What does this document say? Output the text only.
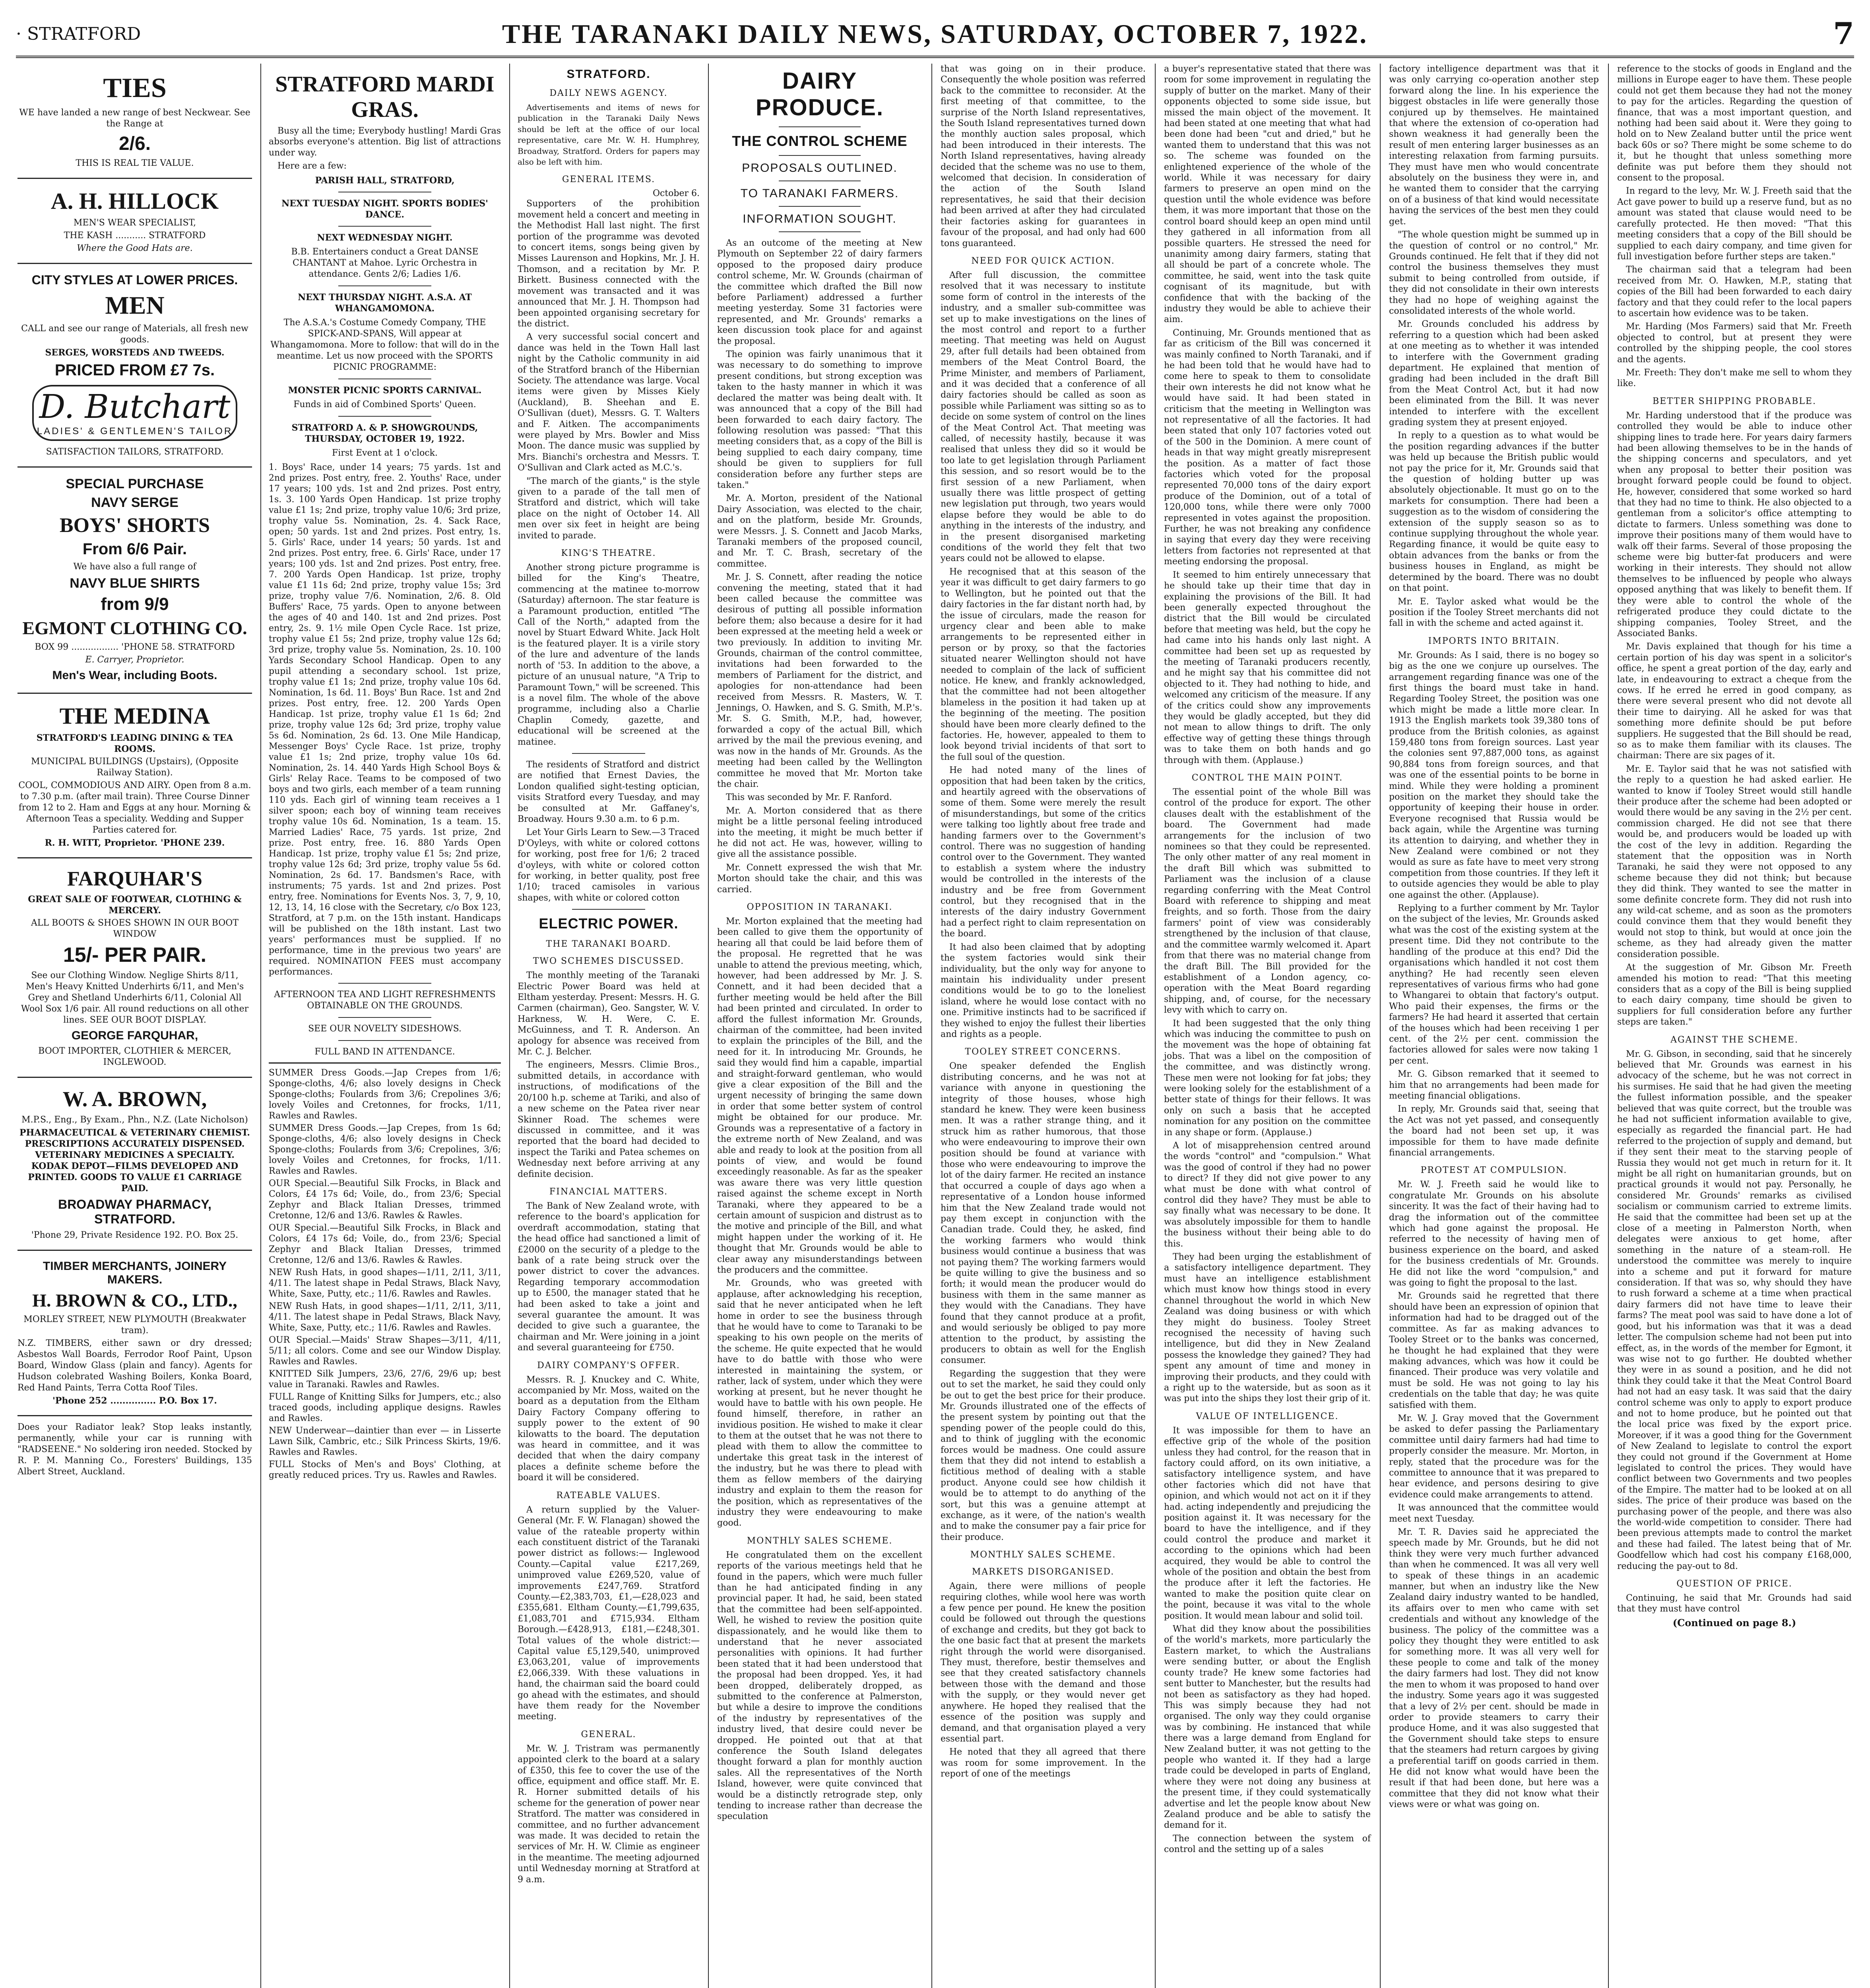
· STRATFORD	THE TARANAKI DAILY NEWS, SATURDAY, OCTOBER 7, 1922.	7
TIES
WE have landed a new range of best Neckwear. See the Range at
2/6.
THIS IS REAL TIE VALUE.
A. H. HILLOCK
MEN'S WEAR SPECIALIST,
THE KASH ........... STRATFORD
Where the Good Hats are.
CITY STYLES AT LOWER PRICES.
MEN
CALL and see our range of Materials, all fresh new goods.
SERGES, WORSTEDS AND TWEEDS.
PRICED FROM £7 7s.
D. Butchart
LADIES' & GENTLEMEN'S TAILOR
SATISFACTION TAILORS, STRATFORD.
SPECIAL PURCHASE
NAVY SERGE
BOYS' SHORTS
From 6/6 Pair.
We have also a full range of
NAVY BLUE SHIRTS
from 9/9
EGMONT CLOTHING CO.
BOX 99 ................. 'PHONE 58. STRATFORD
E. Carryer, Proprietor.
Men's Wear, including Boots.
THE MEDINA
STRATFORD'S LEADING DINING & TEA ROOMS.
MUNICIPAL BUILDINGS (Upstairs), (Opposite Railway Station).
COOL, COMMODIOUS AND AIRY. Open from 8 a.m. to 7.30 p.m. (after mail train). Three Course Dinner from 12 to 2. Ham and Eggs at any hour. Morning & Afternoon Teas a speciality. Wedding and Supper Parties catered for.
R. H. WITT, Proprietor. 'PHONE 239.
FARQUHAR'S
GREAT SALE OF FOOTWEAR, CLOTHING & MERCERY.
ALL BOOTS & SHOES SHOWN IN OUR BOOT WINDOW
15/- PER PAIR.
See our Clothing Window. Neglige Shirts 8/11, Men's Heavy Knitted Underhirts 6/11, and Men's Grey and Shetland Underhirts 6/11, Colonial All Wool Sox 1/6 pair. All round reductions on all other lines. SEE OUR BOOT DISPLAY.
GEORGE FARQUHAR,
BOOT IMPORTER, CLOTHIER & MERCER, INGLEWOOD.
W. A. BROWN,
M.P.S., Eng., By Exam., Phn., N.Z. (Late Nicholson)
PHARMACEUTICAL & VETERINARY CHEMIST. PRESCRIPTIONS ACCURATELY DISPENSED. VETERINARY MEDICINES A SPECIALTY. KODAK DEPOT—FILMS DEVELOPED AND PRINTED. GOODS TO VALUE £1 CARRIAGE PAID.
BROADWAY PHARMACY, STRATFORD.
'Phone 29, Private Residence 192. P.O. Box 25.
TIMBER MERCHANTS, JOINERY MAKERS.
H. BROWN & CO., LTD.,
MORLEY STREET, NEW PLYMOUTH (Breakwater tram).
N.Z. TIMBERS, either sawn or dry dressed; Asbestos Wall Boards, Ferrodor Roof Paint, Upson Board, Window Glass (plain and fancy). Agents for Hudson colebrated Washing Boilers, Konka Board, Red Hand Paints, Terra Cotta Roof Tiles.
'Phone 252 ............... P.O. Box 17.
Does your Radiator leak? Stop leaks instantly, permanently, while your car is running with "RADSEENE." No soldering iron needed. Stocked by R. P. M. Manning Co., Foresters' Buildings, 135 Albert Street, Auckland.
STRATFORD MARDI GRAS.

Busy all the time; Everybody hustling! Mardi Gras absorbs everyone's attention. Big list of attractions under way.

Here are a few:

PARISH HALL, STRATFORD,
NEXT TUESDAY NIGHT. SPORTS BODIES' DANCE.
NEXT WEDNESDAY NIGHT.
B.B. Entertainers conduct a Great DANSE CHANTANT at Mahoe. Lyric Orchestra in attendance. Gents 2/6; Ladies 1/6.
NEXT THURSDAY NIGHT. A.S.A. AT WHANGAMOMONA.
The A.S.A.'s Costume Comedy Company, THE SPICK-AND-SPANS, Will appear at Whangamomona. More to follow: that will do in the meantime. Let us now proceed with the SPORTS PICNIC PROGRAMME:
MONSTER PICNIC SPORTS CARNIVAL.
Funds in aid of Combined Sports' Queen.
STRATFORD A. & P. SHOWGROUNDS, THURSDAY, OCTOBER 19, 1922.
First Event at 1 o'clock.

1. Boys' Race, under 14 years; 75 yards. 1st and 2nd prizes. Post entry, free. 2. Youths' Race, under 17 years; 100 yds. 1st and 2nd prizes. Post entry, 1s. 3. 100 Yards Open Handicap. 1st prize trophy value £1 1s; 2nd prize, trophy value 10/6; 3rd prize, trophy value 5s. Nomination, 2s. 4. Sack Race, open; 50 yards. 1st and 2nd prizes. Post entry, 1s. 5. Girls' Race, under 14 years; 50 yards. 1st and 2nd prizes. Post entry, free. 6. Girls' Race, under 17 years; 100 yds. 1st and 2nd prizes. Post entry, free. 7. 200 Yards Open Handicap. 1st prize, trophy value £1 11s 6d; 2nd prize, trophy value 15s; 3rd prize, trophy value 7/6. Nomination, 2/6. 8. Old Buffers' Race, 75 yards. Open to anyone between the ages of 40 and 140. 1st and 2nd prizes. Post entry, 2s. 9. 1½ mile Open Cycle Race. 1st prize, trophy value £1 5s; 2nd prize, trophy value 12s 6d; 3rd prize, trophy value 5s. Nomination, 2s. 10. 100 Yards Secondary School Handicap. Open to any pupil attending a secondary school. 1st prize, trophy value £1 1s; 2nd prize, trophy value 10s 6d. Nomination, 1s 6d. 11. Boys' Bun Race. 1st and 2nd prizes. Post entry, free. 12. 200 Yards Open Handicap. 1st prize, trophy value £1 1s 6d; 2nd prize, trophy value 12s 6d; 3rd prize, trophy value 5s 6d. Nomination, 2s 6d. 13. One Mile Handicap, Messenger Boys' Cycle Race. 1st prize, trophy value £1 1s; 2nd prize, trophy value 10s 6d. Nomination, 2s. 14. 440 Yards High School Boys & Girls' Relay Race. Teams to be composed of two boys and two girls, each member of a team running 110 yds. Each girl of winning team receives a 1 silver spoon; each boy of winning team receives trophy value 10s 6d. Nomination, 1s a team. 15. Married Ladies' Race, 75 yards. 1st prize, 2nd prize. Post entry, free. 16. 880 Yards Open Handicap. 1st prize, trophy value £1 5s; 2nd prize, trophy value 12s 6d; 3rd prize, trophy value 5s 6d. Nomination, 2s 6d. 17. Bandsmen's Race, with instruments; 75 yards. 1st and 2nd prizes. Post entry, free. Nominations for Events Nos. 3, 7, 9, 10, 12, 13, 14, 16 close with the Secretary, c/o Box 123, Stratford, at 7 p.m. on the 15th instant. Handicaps will be published on the 18th instant. Last two years' performances must be supplied. If no performance, time in the previous two years' are required. NOMINATION FEES must accompany performances.

AFTERNOON TEA AND LIGHT REFRESHMENTS OBTAINABLE ON THE GROUNDS.
SEE OUR NOVELTY SIDESHOWS.
FULL BAND IN ATTENDANCE.

SUMMER Dress Goods.—Jap Crepes from 1/6; Sponge-cloths, 4/6; also lovely designs in Check Sponge-cloths; Foulards from 3/6; Crepolines 3/6; lovely Voiles and Cretonnes, for frocks, 1/11, Rawles and Rawles.

SUMMER Dress Goods.—Jap Crepes, from 1s 6d; Sponge-cloths, 4/6; also lovely designs in Check Sponge-cloths; Foulards from 3/6; Crepolines, 3/6; lovely Voiles and Cretonnes, for frocks, 1/11. Rawles and Rawles.

OUR Special.—Beautiful Silk Frocks, in Black and Colors, £4 17s 6d; Voile, do., from 23/6; Special Zephyr and Black Italian Dresses, trimmed Cretonne, 12/6 and 13/6. Rawles & Rawles.

OUR Special.—Beautiful Silk Frocks, in Black and Colors, £4 17s 6d; Voile, do., from 23/6; Special Zephyr and Black Italian Dresses, trimmed Cretonne, 12/6 and 13/6. Rawles & Rawles.

NEW Rush Hats, in good shapes—1/11, 2/11, 3/11, 4/11. The latest shape in Pedal Straws, Black Navy, White, Saxe, Putty, etc.; 11/6. Rawles and Rawles.

NEW Rush Hats, in good shapes—1/11, 2/11, 3/11, 4/11. The latest shape in Pedal Straws, Black Navy, White, Saxe, Putty, etc.; 11/6. Rawles and Rawles.

OUR Special.—Maids' Straw Shapes—3/11, 4/11, 5/11; all colors. Come and see our Window Display. Rawles and Rawles.

KNITTED Silk Jumpers, 23/6, 27/6, 29/6 up; best value in Taranaki. Rawles and Rawles.

FULL Range of Knitting Silks for Jumpers, etc.; also traced goods, including applique designs. Rawles and Rawles.

NEW Underwear—daintier than ever — in Lisserte Lawn Silk, Cambric, etc.; Silk Princess Skirts, 19/6. Rawles and Rawles.

FULL Stocks of Men's and Boys' Clothing, at greatly reduced prices. Try us. Rawles and Rawles.

STRATFORD.
DAILY NEWS AGENCY.

Advertisements and items of news for publication in the Taranaki Daily News should be left at the office of our local representative, care Mr. W. H. Humphrey, Broadway, Stratford. Orders for papers may also be left with him.

GENERAL ITEMS.
October 6.

Supporters of the prohibition movement held a concert and meeting in the Methodist Hall last night. The first portion of the programme was devoted to concert items, songs being given by Misses Laurenson and Hopkins, Mr. J. H. Thomson, and a recitation by Mr. P. Birkett. Business connected with the movement was transacted and it was announced that Mr. J. H. Thompson had been appointed organising secretary for the district.

A very successful social concert and dance was held in the Town Hall last night by the Catholic community in aid of the Stratford branch of the Hibernian Society. The attendance was large. Vocal items were given by Misses Kiely (Auckland), B. Sheehan and E. O'Sullivan (duet), Messrs. G. T. Walters and F. Aitken. The accompaniments were played by Mrs. Bowler and Miss Moon. The dance music was supplied by Mrs. Bianchi's orchestra and Messrs. T. O'Sullivan and Clark acted as M.C.'s.

"The march of the giants," is the style given to a parade of the tall men of Stratford and district, which will take place on the night of October 14. All men over six feet in height are being invited to parade.

KING'S THEATRE.

Another strong picture programme is billed for the King's Theatre, commencing at the matinee to-morrow (Saturday) afternoon. The star feature is a Paramount production, entitled "The Call of the North," adapted from the novel by Stuart Edward White. Jack Holt is the featured player. It is a virile story of the lure and adventure of the lands north of '53. In addition to the above, a picture of an unusual nature, "A Trip to Paramount Town," will be screened. This is a novel film. The whole of the above programme, including also a Charlie Chaplin Comedy, gazette, and educational will be screened at the matinee.

The residents of Stratford and district are notified that Ernest Davies, the London qualified sight-testing optician, visits Stratford every Tuesday, and may be consulted at Mr. Gaffaney's, Broadway. Hours 9.30 a.m. to 6 p.m.

Let Your Girls Learn to Sew.—3 Traced D'Oyleys, with white or colored cottons for working, post free for 1/6; 2 traced d'oyleys, with white or colored cotton for working, in better quality, post free 1/10; traced camisoles in various shapes, with white or colored cotton

ELECTRIC POWER.
THE TARANAKI BOARD.
TWO SCHEMES DISCUSSED.

The monthly meeting of the Taranaki Electric Power Board was held at Eltham yesterday. Present: Messrs. H. G. Carmen (chairman), Geo. Sangster, W. V. Harkness, W. H. Were, C. E. McGuinness, and T. R. Anderson. An apology for absence was received from Mr. C. J. Belcher.

The engineers, Messrs. Climie Bros., submitted details, in accordance with instructions, of modifications of the 20/100 h.p. scheme at Tariki, and also of a new scheme on the Patea river near Skinner Road. The schemes were discussed in committee, and it was reported that the board had decided to inspect the Tariki and Patea schemes on Wednesday next before arriving at any definite decision.

FINANCIAL MATTERS.

The Bank of New Zealand wrote, with reference to the board's application for overdraft accommodation, stating that the head office had sanctioned a limit of £2000 on the security of a pledge to the bank of a rate being struck over the power district to cover the advances. Regarding temporary accommodation up to £500, the manager stated that he had been asked to take a joint and several guarantee the amount. It was decided to give such a guarantee, the chairman and Mr. Were joining in a joint and several guaranteeing for £750.

DAIRY COMPANY'S OFFER.

Messrs. R. J. Knuckey and C. White, accompanied by Mr. Moss, waited on the board as a deputation from the Eltham Dairy Factory Company offering to supply power to the extent of 90 kilowatts to the board. The deputation was heard in committee, and it was decided that when the dairy company places a definite scheme before the board it will be considered.

RATEABLE VALUES.

A return supplied by the Valuer-General (Mr. F. W. Flanagan) showed the value of the rateable property within each constituent district of the Taranaki power district as follows:— Inglewood County.—Capital value £217,269, unimproved value £269,520, value of improvements £247,769. Stratford County.—£2,383,703, £1,—£28,023 and £355,681. Eltham County.—£1,799,635, £1,083,701 and £715,934. Eltham Borough.—£428,913, £181,—£248,301. Total values of the whole district:— Capital value £5,129,540, unimproved £3,063,201, value of improvements £2,066,339. With these valuations in hand, the chairman said the board could go ahead with the estimates, and should have them ready for the November meeting.

GENERAL.

Mr. W. J. Tristram was permanently appointed clerk to the board at a salary of £350, this fee to cover the use of the office, equipment and office staff. Mr. E. R. Horner submitted details of his scheme for the generation of power near Stratford. The matter was considered in committee, and no further advancement was made. It was decided to retain the services of Mr. H. W. Climie as engineer in the meantime. The meeting adjourned until Wednesday morning at Stratford at 9 a.m.

DAIRY PRODUCE.
THE CONTROL SCHEME
PROPOSALS OUTLINED.
TO TARANAKI FARMERS.
INFORMATION SOUGHT.

As an outcome of the meeting at New Plymouth on September 22 of dairy farmers opposed to the proposed dairy produce control scheme, Mr. W. Grounds (chairman of the committee which drafted the Bill now before Parliament) addressed a further meeting yesterday. Some 31 factories were represented, and Mr. Grounds' remarks a keen discussion took place for and against the proposal.

The opinion was fairly unanimous that it was necessary to do something to improve present conditions, but strong exception was taken to the hasty manner in which it was declared the matter was being dealt with. It was announced that a copy of the Bill had been forwarded to each dairy factory. The following resolution was passed: "That this meeting considers that, as a copy of the Bill is being supplied to each dairy company, time should be given to suppliers for full consideration before any further steps are taken."

Mr. A. Morton, president of the National Dairy Association, was elected to the chair, and on the platform, beside Mr. Grounds, were Messrs. J. S. Connett and Jacob Marks, Taranaki members of the proposed council, and Mr. T. C. Brash, secretary of the committee.

Mr. J. S. Connett, after reading the notice convening the meeting, stated that it had been called because the committee was desirous of putting all possible information before them; also because a desire for it had been expressed at the meeting held a week or two previously. In addition to inviting Mr. Grounds, chairman of the control committee, invitations had been forwarded to the members of Parliament for the district, and apologies for non-attendance had been received from Messrs. R. Masters, W. T. Jennings, O. Hawken, and S. G. Smith, M.P.'s. Mr. S. G. Smith, M.P., had, however, forwarded a copy of the actual Bill, which arrived by the mail the previous evening, and was now in the hands of Mr. Grounds. As the meeting had been called by the Wellington committee he moved that Mr. Morton take the chair.

This was seconded by Mr. F. Ranford.

Mr. A. Morton considered that as there might be a little personal feeling introduced into the meeting, it might be much better if he did not act. He was, however, willing to give all the assistance possible.

Mr. Connett expressed the wish that Mr. Morton should take the chair, and this was carried.

OPPOSITION IN TARANAKI.

Mr. Morton explained that the meeting had been called to give them the opportunity of hearing all that could be laid before them of the proposal. He regretted that he was unable to attend the previous meeting, which, however, had been addressed by Mr. J. S. Connett, and it had been decided that a further meeting would be held after the Bill had been printed and circulated. In order to afford the fullest information Mr. Grounds, chairman of the committee, had been invited to explain the principles of the Bill, and the need for it. In introducing Mr. Grounds, he said they would find him a capable, impartial and straight-forward gentleman, who would give a clear exposition of the Bill and the urgent necessity of bringing the same down in order that some better system of control might be obtained for our produce. Mr. Grounds was a representative of a factory in the extreme north of New Zealand, and was able and ready to look at the position from all points of view, and would be found exceedingly reasonable. As far as the speaker was aware there was very little question raised against the scheme except in North Taranaki, where they appeared to be a certain amount of suspicion and distrust as to the motive and principle of the Bill, and what might happen under the working of it. He thought that Mr. Grounds would be able to clear away any misunderstandings between the producers and the committee.

Mr. Grounds, who was greeted with applause, after acknowledging his reception, said that he never anticipated when he left home in order to see the business through that he would have to come to Taranaki to be speaking to his own people on the merits of the scheme. He quite expected that he would have to do battle with those who were interested in maintaining the system, or rather, lack of system, under which they were working at present, but he never thought he would have to battle with his own people. He found himself, therefore, in rather an invidious position. He wished to make it clear to them at the outset that he was not there to plead with them to allow the committee to undertake this great task in the interest of the industry, but he was there to plead with them as fellow members of the dairying industry and explain to them the reason for the position, which as representatives of the industry they were endeavouring to make good.

MONTHLY SALES SCHEME.

He congratulated them on the excellent reports of the various meetings held that he found in the papers, which were much fuller than he had anticipated finding in any provincial paper. It had, he said, been stated that the committee had been self-appointed. Well, he wished to review the position quite dispassionately, and he would like them to understand that he never associated personalities with opinions. It had further been stated that it had been understood that the proposal had been dropped. Yes, it had been dropped, deliberately dropped, as submitted to the conference at Palmerston, but while a desire to improve the conditions of the industry by representatives of the industry lived, that desire could never be dropped. He pointed out that at that conference the South Island delegates thought forward a plan for monthly auction sales. All the representatives of the North Island, however, were quite convinced that would be a distinctly retrograde step, only tending to increase rather than decrease the speculation

that was going on in their produce. Consequently the whole position was referred back to the committee to reconsider. At the first meeting of that committee, to the surprise of the North Island representatives, the South Island representatives turned down the monthly auction sales proposal, which had been introduced in their interests. The North Island representatives, having already decided that the scheme was no use to them, welcomed that decision. In consideration of the action of the South Island representatives, he said that their decision had been arrived at after they had circulated their factories asking for guarantees in favour of the proposal, and had only had 600 tons guaranteed.

NEED FOR QUICK ACTION.

After full discussion, the committee resolved that it was necessary to institute some form of control in the interests of the industry, and a smaller sub-committee was set up to make investigations on the lines of the most control and report to a further meeting. That meeting was held on August 29, after full details had been obtained from members of the Meat Control Board, the Prime Minister, and members of Parliament, and it was decided that a conference of all dairy factories should be called as soon as possible while Parliament was sitting so as to decide on some system of control on the lines of the Meat Control Act. That meeting was called, of necessity hastily, because it was realised that unless they did so it would be too late to get legislation through Parliament this session, and so resort would be to the first session of a new Parliament, when usually there was little prospect of getting new legislation put through, two years would elapse before they would be able to do anything in the interests of the industry, and in the present disorganised marketing conditions of the world they felt that two years could not be allowed to elapse.

He recognised that at this season of the year it was difficult to get dairy farmers to go to Wellington, but he pointed out that the dairy factories in the far distant north had, by the issue of circulars, made the reason for urgency clear and been able to make arrangements to be represented either in person or by proxy, so that the factories situated nearer Wellington should not have needed to complain of the lack of sufficient notice. He knew, and frankly acknowledged, that the committee had not been altogether blameless in the position it had taken up at the beginning of the meeting. The position should have been more clearly defined to the factories. He, however, appealed to them to look beyond trivial incidents of that sort to the full soul of the question.

He had noted many of the lines of opposition that had been taken by the critics, and heartily agreed with the observations of some of them. Some were merely the result of misunderstandings, but some of the critics were talking too lightly about free trade and handing farmers over to the Government's control. There was no suggestion of handing control over to the Government. They wanted to establish a system where the industry would be controlled in the interests of the industry and be free from Government control, but they recognised that in the interests of the dairy industry Government had a perfect right to claim representation on the board.

It had also been claimed that by adopting the system factories would sink their individuality, but the only way for anyone to maintain his individuality under present conditions would be to go to the loneliest island, where he would lose contact with no one. Primitive instincts had to be sacrificed if they wished to enjoy the fullest their liberties and rights as a people.

TOOLEY STREET CONCERNS.

One speaker defended the English distributing concerns, and he was not at variance with anyone in questioning the integrity of those houses, whose high standard he knew. They were keen business men. It was a rather strange thing, and it struck him as rather humorous, that those who were endeavouring to improve their own position should be found at variance with those who were endeavouring to improve the lot of the dairy farmer. He recited an instance that occurred a couple of days ago when a representative of a London house informed him that the New Zealand trade would not pay them except in conjunction with the Canadian trade. Could they, he asked, find the working farmers who would think business would continue a business that was not paying them? The working farmers would be quite willing to give the business and so forth; it would mean the producer would do business with them in the same manner as they would with the Canadians. They have found that they cannot produce at a profit, and would seriously be obliged to pay more attention to the product, by assisting the producers to obtain as well for the English consumer.

Regarding the suggestion that they were out to set the market, he said they could only be out to get the best price for their produce. Mr. Grounds illustrated one of the effects of the present system by pointing out that the spending power of the people could do this, and to think of juggling with the economic forces would be madness. One could assure them that they did not intend to establish a fictitious method of dealing with a stable product. Anyone could see how childish it would be to attempt to do anything of the sort, but this was a genuine attempt at exchange, as it were, of the nation's wealth and to make the consumer pay a fair price for their produce.

MONTHLY SALES SCHEME.
MARKETS DISORGANISED.

Again, there were millions of people requiring clothes, while wool here was worth a few pence per pound. He knew the position could be followed out through the questions of exchange and credits, but they got back to the one basic fact that at present the markets right through the world were disorganised. They must, therefore, bestir themselves and see that they created satisfactory channels between those with the demand and those with the supply, or they would never get anywhere. He hoped they realised that the essence of the position was supply and demand, and that organisation played a very essential part.

He noted that they all agreed that there was room for some improvement. In the report of one of the meetings

a buyer's representative stated that there was room for some improvement in regulating the supply of butter on the market. Many of their opponents objected to some side issue, but missed the main object of the movement. It had been stated at one meeting that what had been done had been "cut and dried," but he wanted them to understand that this was not so. The scheme was founded on the enlightened experience of the whole of the world. While it was necessary for dairy farmers to preserve an open mind on the question until the whole evidence was before them, it was more important that those on the control board should keep an open mind until they gathered in all information from all possible quarters. He stressed the need for unanimity among dairy farmers, stating that all should be part of a concrete whole. The committee, he said, went into the task quite cognisant of its magnitude, but with confidence that with the backing of the industry they would be able to achieve their aim.

Continuing, Mr. Grounds mentioned that as far as criticism of the Bill was concerned it was mainly confined to North Taranaki, and if he had been told that he would have had to come here to speak to them to consolidate their own interests he did not know what he would have said. It had been stated in criticism that the meeting in Wellington was not representative of all the factories. It had been stated that only 107 factories voted out of the 500 in the Dominion. A mere count of heads in that way might greatly misrepresent the position. As a matter of fact those factories which voted for the proposal represented 70,000 tons of the dairy export produce of the Dominion, out of a total of 120,000 tons, while there were only 7000 represented in votes against the proposition. Further, he was not breaking any confidence in saying that every day they were receiving letters from factories not represented at that meeting endorsing the proposal.

It seemed to him entirely unnecessary that he should take up their time that day in explaining the provisions of the Bill. It had been generally expected throughout the district that the Bill would be circulated before that meeting was held, but the copy he had came into his hands only last night. A committee had been set up as requested by the meeting of Taranaki producers recently, and he might say that his committee did not objected to it. They had nothing to hide, and welcomed any criticism of the measure. If any of the critics could show any improvements they would be gladly accepted, but they did not mean to allow things to drift. The only effective way of getting these things through was to take them on both hands and go through with them. (Applause.)

CONTROL THE MAIN POINT.

The essential point of the whole Bill was control of the produce for export. The other clauses dealt with the establishment of the board. The Government had made arrangements for the inclusion of two nominees so that they could be represented. The only other matter of any real moment in the draft Bill which was submitted to Parliament was the inclusion of a clause regarding conferring with the Meat Control Board with reference to shipping and meat freights, and so forth. Those from the dairy farmers' point of view was considerably strengthened by the inclusion of that clause, and the committee warmly welcomed it. Apart from that there was no material change from the draft Bill. The Bill provided for the establishment of a London agency, co-operation with the Meat Board regarding shipping, and, of course, for the necessary levy with which to carry on.

It had been suggested that the only thing which was inducing the committee to push on the movement was the hope of obtaining fat jobs. That was a libel on the composition of the committee, and was distinctly wrong. These men were not looking for fat jobs; they were looking solely for the establishment of a better state of things for their fellows. It was only on such a basis that he accepted nomination for any position on the committee in any shape or form. (Applause.)

A lot of misapprehension centred around the words "control" and "compulsion." What was the good of control if they had no power to direct? If they did not give power to any what must be done with what control of control did they have? They must be able to say finally what was necessary to be done. It was absolutely impossible for them to handle the business without their being able to do this.

They had been urging the establishment of a satisfactory intelligence department. They must have an intelligence establishment which must know how things stood in every channel throughout the world in which New Zealand was doing business or with which they might do business. Tooley Street recognised the necessity of having such intelligence, but did they in New Zealand possess the knowledge they gained? They had spent any amount of time and money in improving their products, and they could with a right up to the waterside, but as soon as it was put into the ships they lost their grip of it.

VALUE OF INTELLIGENCE.

It was impossible for them to have an effective grip of the whole of the position unless they had control, for the reason that in factory could afford, on its own initiative, a satisfactory intelligence system, and have other factories which did not have that opinion, and which would not act on it if they had. acting independently and prejudicing the position against it. It was necessary for the board to have the intelligence, and if they could control the produce and market it according to the opinions which had been acquired, they would be able to control the whole of the position and obtain the best from the produce after it left the factories. He wanted to make the position quite clear on the point, because it was vital to the whole position. It would mean labour and solid toil.

What did they know about the possibilities of the world's markets, more particularly the Eastern market, to which the Australians were sending butter, or about the English county trade? He knew some factories had sent butter to Manchester, but the results had not been as satisfactory as they had hoped. This was simply because they had not organised. The only way they could organise was by combining. He instanced that while there was a large demand from England for New Zealand butter, it was not getting to the people who wanted it. If they had a large trade could be developed in parts of England, where they were not doing any business at the present time, if they could systematically advertise and let the people know about New Zealand produce and be able to satisfy the demand for it.

The connection between the system of control and the setting up of a sales

factory intelligence department was that it was only carrying co-operation another step forward along the line. In his experience the biggest obstacles in life were generally those conjured up by themselves. He maintained that where the extension of co-operation had shown weakness it had generally been the result of men entering larger businesses as an interesting relaxation from farming pursuits. They must have men who would concentrate absolutely on the business they were in, and he wanted them to consider that the carrying on of a business of that kind would necessitate having the services of the best men they could get.

"The whole question might be summed up in the question of control or no control," Mr. Grounds continued. He felt that if they did not control the business themselves they must submit to being controlled from outside, if they did not consolidate in their own interests they had no hope of weighing against the consolidated interests of the whole world.

Mr. Grounds concluded his address by referring to a question which had been asked at one meeting as to whether it was intended to interfere with the Government grading department. He explained that mention of grading had been included in the draft Bill from the Meat Control Act, but it had now been eliminated from the Bill. It was never intended to interfere with the excellent grading system they at present enjoyed.

In reply to a question as to what would be the position regarding advances if the butter was held up because the British public would not pay the price for it, Mr. Grounds said that the question of holding butter up was absolutely objectionable. It must go on to the markets for consumption. There had been a suggestion as to the wisdom of considering the extension of the supply season so as to continue supplying throughout the whole year. Regarding finance, it would be quite easy to obtain advances from the banks or from the business houses in England, as might be determined by the board. There was no doubt on that point.

Mr. E. Taylor asked what would be the position if the Tooley Street merchants did not fall in with the scheme and acted against it.

IMPORTS INTO BRITAIN.

Mr. Grounds: As I said, there is no bogey so big as the one we conjure up ourselves. The arrangement regarding finance was one of the first things the board must take in hand. Regarding Tooley Street, the position was one which might be made a little more clear. In 1913 the English markets took 39,380 tons of produce from the British colonies, as against 159,480 tons from foreign sources. Last year the colonies sent 97,887,000 tons, as against 90,884 tons from foreign sources, and that was one of the essential points to be borne in mind. While they were holding a prominent position on the market they should take the opportunity of keeping their house in order. Everyone recognised that Russia would be back again, while the Argentine was turning its attention to dairying, and whether they in New Zealand were combined or not they would as sure as fate have to meet very strong competition from those countries. If they left it to outside agencies they would be able to play one against the other. (Applause).

Replying to a further comment by Mr. Taylor on the subject of the levies, Mr. Grounds asked what was the cost of the existing system at the present time. Did they not contribute to the handling of the produce at this end? Did the organisations which handled it not cost them anything? He had recently seen eleven representatives of various firms who had gone to Whangarei to obtain that factory's output. Who paid their expenses, the firms or the farmers? He had heard it asserted that certain of the houses which had been receiving 1 per cent. of the 2½ per cent. commission the factories allowed for sales were now taking 1 per cent.

Mr. G. Gibson remarked that it seemed to him that no arrangements had been made for meeting financial obligations.

In reply, Mr. Grounds said that, seeing that the Act was not yet passed, and consequently the board had not been set up, it was impossible for them to have made definite financial arrangements.

PROTEST AT COMPULSION.

Mr. W. J. Freeth said he would like to congratulate Mr. Grounds on his absolute sincerity. It was the fact of their having had to drag the information out of the committee which had gone against the proposal. He referred to the necessity of having men of business experience on the board, and asked for the business credentials of Mr. Grounds. He did not like the word "compulsion," and was going to fight the proposal to the last.

Mr. Grounds said he regretted that there should have been an expression of opinion that information had had to be dragged out of the committee. As far as making advances to Tooley Street or to the banks was concerned, he thought he had explained that they were making advances, which was how it could be financed. Their produce was very volatile and must be sold. He was not going to lay his credentials on the table that day; he was quite satisfied with them.

Mr. W. J. Gray moved that the Government be asked to defer passing the Parliamentary committee until dairy farmers had had time to properly consider the measure. Mr. Morton, in reply, stated that the procedure was for the committee to announce that it was prepared to hear evidence, and persons desiring to give evidence could make arrangements to attend.

It was announced that the committee would meet next Tuesday.

Mr. T. R. Davies said he appreciated the speech made by Mr. Grounds, but he did not think they were very much further advanced than when he commenced. It was all very well to speak of these things in an academic manner, but when an industry like the New Zealand dairy industry wanted to be handled, its affairs over to men who came with set credentials and without any knowledge of the business. The policy of the committee was a policy they thought they were entitled to ask for something more. It was all very well for these people to come and talk of the money the dairy farmers had lost. They did not know the men to whom it was proposed to hand over the industry. Some years ago it was suggested that a levy of 2½ per cent. should be made in order to provide steamers to carry their produce Home, and it was also suggested that the Government should take steps to ensure that the steamers had return cargoes by giving a preferential tariff on goods carried in them. He did not know what would have been the result if that had been done, but here was a committee that they did not know what their views were or what was going on.

reference to the stocks of goods in England and the millions in Europe eager to have them. These people could not get them because they had not the money to pay for the articles. Regarding the question of finance, that was a most important question, and nothing had been said about it. Were they going to hold on to New Zealand butter until the price went back 60s or so? There might be some scheme to do it, but he thought that unless something more definite was put before them they should not consent to the proposal.

In regard to the levy, Mr. W. J. Freeth said that the Act gave power to build up a reserve fund, but as no amount was stated that clause would need to be carefully protected. He then moved: "That this meeting considers that a copy of the Bill should be supplied to each dairy company, and time given for full investigation before further steps are taken."

The chairman said that a telegram had been received from Mr. O. Hawken, M.P., stating that copies of the Bill had been forwarded to each dairy factory and that they could refer to the local papers to ascertain how evidence was to be taken.

Mr. Harding (Mos Farmers) said that Mr. Freeth objected to control, but at present they were controlled by the shipping people, the cool stores and the agents.

Mr. Freeth: They don't make me sell to whom they like.

BETTER SHIPPING PROBABLE.

Mr. Harding understood that if the produce was controlled they would be able to induce other shipping lines to trade here. For years dairy farmers had been allowing themselves to be in the hands of the shipping concerns and speculators, and yet when any proposal to better their position was brought forward people could be found to object. He, however, considered that some worked so hard that they had no time to think. He also objected to a gentleman from a solicitor's office attempting to dictate to farmers. Unless something was done to improve their positions many of them would have to walk off their farms. Several of those proposing the scheme were big butter-fat producers and were working in their interests. They should not allow themselves to be influenced by people who always opposed anything that was likely to benefit them. If they were able to control the whole of the refrigerated produce they could dictate to the shipping companies, Tooley Street, and the Associated Banks.

Mr. Davis explained that though for his time a certain portion of his day was spent in a solicitor's office, he spent a great portion of the day, early and late, in endeavouring to extract a cheque from the cows. If he erred he erred in good company, as there were several present who did not devote all their time to dairying. All he asked for was that something more definite should be put before suppliers. He suggested that the Bill should be read, so as to make them familiar with its clauses. The chairman: There are six pages of it.

Mr. E. Taylor said that he was not satisfied with the reply to a question he had asked earlier. He wanted to know if Tooley Street would still handle their produce after the scheme had been adopted or would there would be any saving in the 2½ per cent. commission charged. He did not see that there would be, and producers would be loaded up with the cost of the levy in addition. Regarding the statement that the opposition was in North Taranaki, he said they were not opposed to any scheme because they did not think; but because they did think. They wanted to see the matter in some definite concrete form. They did not rush into any wild-cat scheme, and as soon as the promoters could convince them that they would benefit they would not stop to think, but would at once join the scheme, as they had already given the matter consideration possible.

At the suggestion of Mr. Gibson Mr. Freeth amended his motion to read: "That this meeting considers that as a copy of the Bill is being supplied to each dairy company, time should be given to suppliers for full consideration before any further steps are taken."

AGAINST THE SCHEME.

Mr. G. Gibson, in seconding, said that he sincerely believed that Mr. Grounds was earnest in his advocacy of the scheme, but he was not correct in his surmises. He said that he had given the meeting the fullest information possible, and the speaker believed that was quite correct, but the trouble was he had not sufficient information available to give, especially as regarded the financial part. He had referred to the projection of supply and demand, but if they sent their meat to the starving people of Russia they would not get much in return for it. It might be all right on humanitarian grounds, but on practical grounds it would not pay. Personally, he considered Mr. Grounds' remarks as civilised socialism or communism carried to extreme limits. He said that the committee had been set up at the close of a meeting in Palmerston North, when delegates were anxious to get home, after something in the nature of a steam-roll. He understood the committee was merely to inquire into a scheme and put it forward for mature consideration. If that was so, why should they have to rush forward a scheme at a time when practical dairy farmers did not have time to leave their farms? The meat pool was said to have done a lot of good, but his information was that it was a dead letter. The compulsion scheme had not been put into effect, as, in the words of the member for Egmont, it was wise not to go further. He doubted whether they were in as sound a position, and he did not think they could take it that the Meat Control Board had not had an easy task. It was said that the dairy control scheme was only to apply to export produce and not to home produce, but he pointed out that the local price was fixed by the export price. Moreover, if it was a good thing for the Government of New Zealand to legislate to control the export they could not ground if the Government at Home legislated to control the prices. They would have conflict between two Governments and two peoples of the Empire. The matter had to be looked at on all sides. The price of their produce was based on the purchasing power of the people, and there was also the world-wide competition to consider. There had been previous attempts made to control the market and these had failed. The latest being that of Mr. Goodfellow which had cost his company £168,000, reducing the pay-out to 8d.

QUESTION OF PRICE.

Continuing, he said that Mr. Grounds had said that they must have control

(Continued on page 8.)
